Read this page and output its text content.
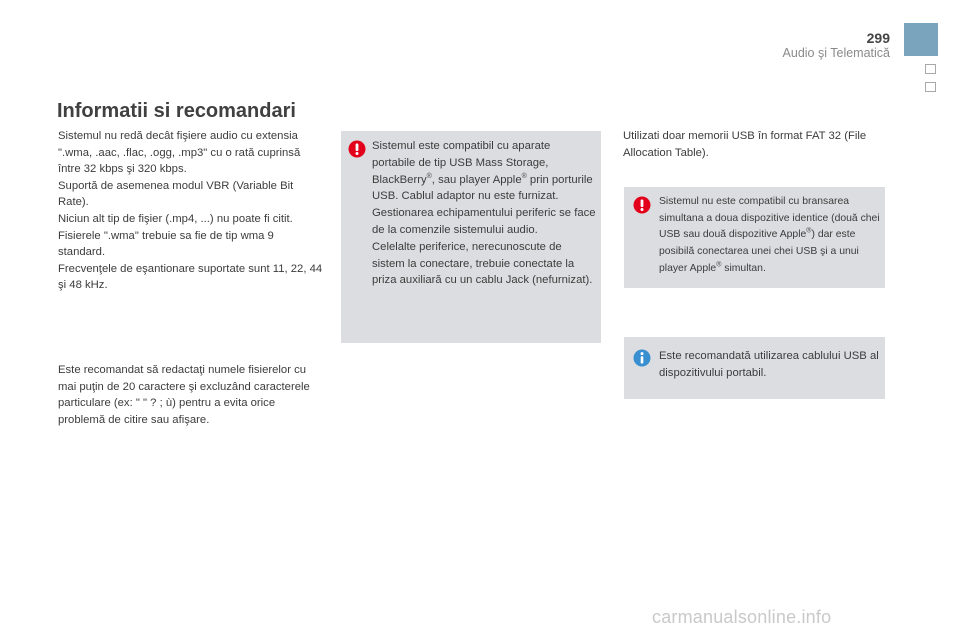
299
Audio şi Telematică
Informatii si recomandari

Sistemul nu redă decât fişiere audio cu extensia ".wma, .aac, .flac, .ogg, .mp3" cu o rată cuprinsă între 32 kbps şi 320 kbps.

Suportă de asemenea modul VBR (Variable Bit Rate).

Niciun alt tip de fişier (.mp4, ...) nu poate fi citit.

Fisierele ".wma" trebuie sa fie de tip wma 9 standard.

Frecvenţele de eşantionare suportate sunt 11, 22, 44 şi 48 kHz.

Este recomandat să redactaţi numele fisierelor cu mai puţin de 20 caractere şi excluzând caracterele particulare (ex: " " ? ; ù) pentru a evita orice problemă de citire sau afişare.

Sistemul este compatibil cu aparate portabile de tip USB Mass Storage, BlackBerry®, sau player Apple® prin porturile USB. Cablul adaptor nu este furnizat.

Gestionarea echipamentului periferic se face de la comenzile sistemului audio.

Celelalte periferice, nerecunoscute de sistem la conectare, trebuie conectate la priza auxiliară cu un cablu Jack (nefurnizat).

Utilizati doar memorii USB în format FAT 32 (File Allocation Table).

Sistemul nu este compatibil cu bransarea simultana a doua dispozitive identice (două chei USB sau două dispozitive Apple®) dar este posibilă conectarea unei chei USB şi a unui player Apple® simultan.

Este recomandată utilizarea cablului USB al dispozitivului portabil.

carmanualsonline.info
